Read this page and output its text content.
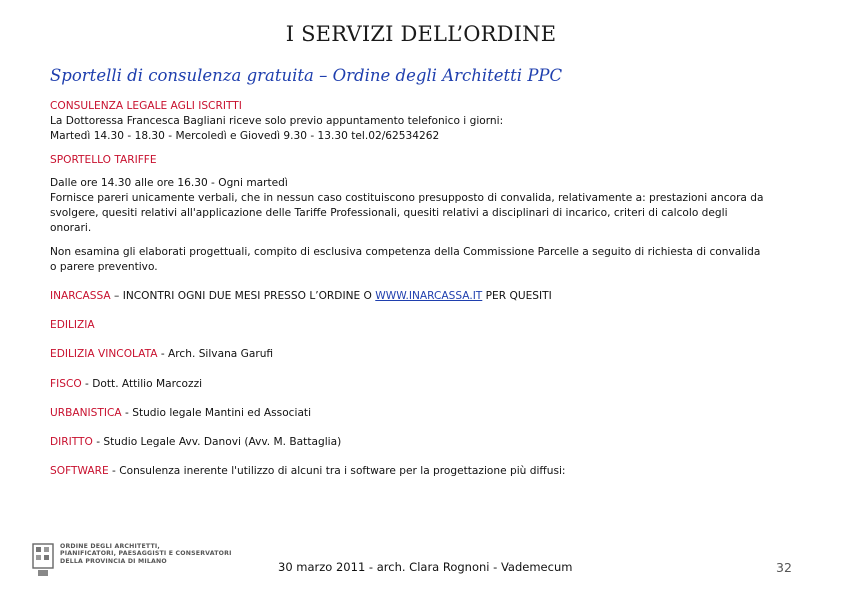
I SERVIZI DELL’ORDINE
Sportelli di consulenza gratuita – Ordine degli Architetti PPC

CONSULENZA LEGALE AGLI ISCRITTI

La Dottoressa Francesca Bagliani riceve solo previo appuntamento telefonico i giorni:

Martedì 14.30 - 18.30 - Mercoledì e Giovedì 9.30 - 13.30 tel.02/62534262

SPORTELLO TARIFFE

Dalle ore 14.30 alle ore 16.30 - Ogni martedì

Fornisce pareri unicamente verbali, che in nessun caso costituiscono presupposto di convalida, relativamente a: prestazioni ancora da svolgere, quesiti relativi all'applicazione delle Tariffe Professionali, quesiti relativi a disciplinari di incarico, criteri di calcolo degli onorari.

Non esamina gli elaborati progettuali, compito di esclusiva competenza della Commissione Parcelle a seguito di richiesta di convalida o parere preventivo.

INARCASSA – INCONTRI OGNI DUE MESI PRESSO L’ORDINE O WWW.INARCASSA.IT PER QUESITI

EDILIZIA

EDILIZIA VINCOLATA - Arch. Silvana Garufi

FISCO - Dott. Attilio Marcozzi

URBANISTICA - Studio legale Mantini ed Associati

DIRITTO - Studio Legale Avv. Danovi (Avv. M. Battaglia)

SOFTWARE - Consulenza inerente l'utilizzo di alcuni tra i software per la progettazione più diffusi:

ORDINE DEGLI ARCHITETTI,
PIANIFICATORI, PAESAGGISTI E CONSERVATORI
DELLA PROVINCIA DI MILANO	30 marzo 2011 - arch. Clara Rognoni - Vademecum	32
